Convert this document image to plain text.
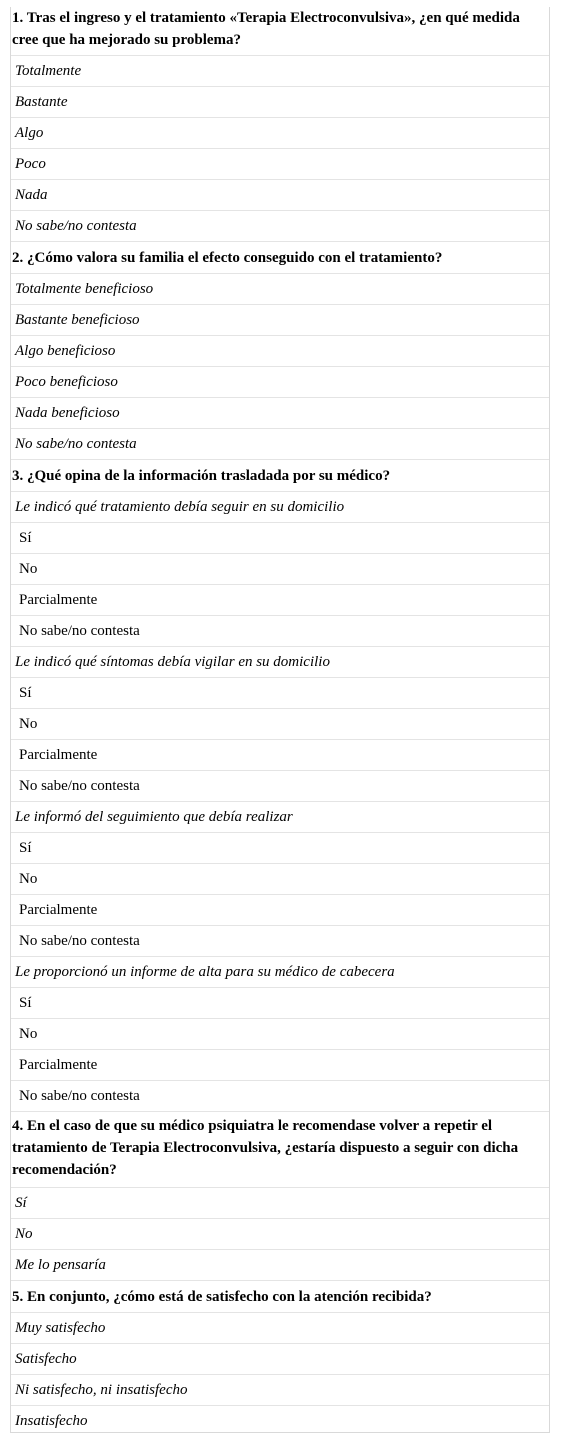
1. Tras el ingreso y el tratamiento «Terapia Electroconvulsiva», ¿en qué medida cree que ha mejorado su problema?
Totalmente
Bastante
Algo
Poco
Nada
No sabe/no contesta
2. ¿Cómo valora su familia el efecto conseguido con el tratamiento?
Totalmente beneficioso
Bastante beneficioso
Algo beneficioso
Poco beneficioso
Nada beneficioso
No sabe/no contesta
3. ¿Qué opina de la información trasladada por su médico?
Le indicó qué tratamiento debía seguir en su domicilio
Sí
No
Parcialmente
No sabe/no contesta
Le indicó qué síntomas debía vigilar en su domicilio
Sí
No
Parcialmente
No sabe/no contesta
Le informó del seguimiento que debía realizar
Sí
No
Parcialmente
No sabe/no contesta
Le proporcionó un informe de alta para su médico de cabecera
Sí
No
Parcialmente
No sabe/no contesta
4. En el caso de que su médico psiquiatra le recomendase volver a repetir el tratamiento de Terapia Electroconvulsiva, ¿estaría dispuesto a seguir con dicha recomendación?
Sí
No
Me lo pensaría
5. En conjunto, ¿cómo está de satisfecho con la atención recibida?
Muy satisfecho
Satisfecho
Ni satisfecho, ni insatisfecho
Insatisfecho
